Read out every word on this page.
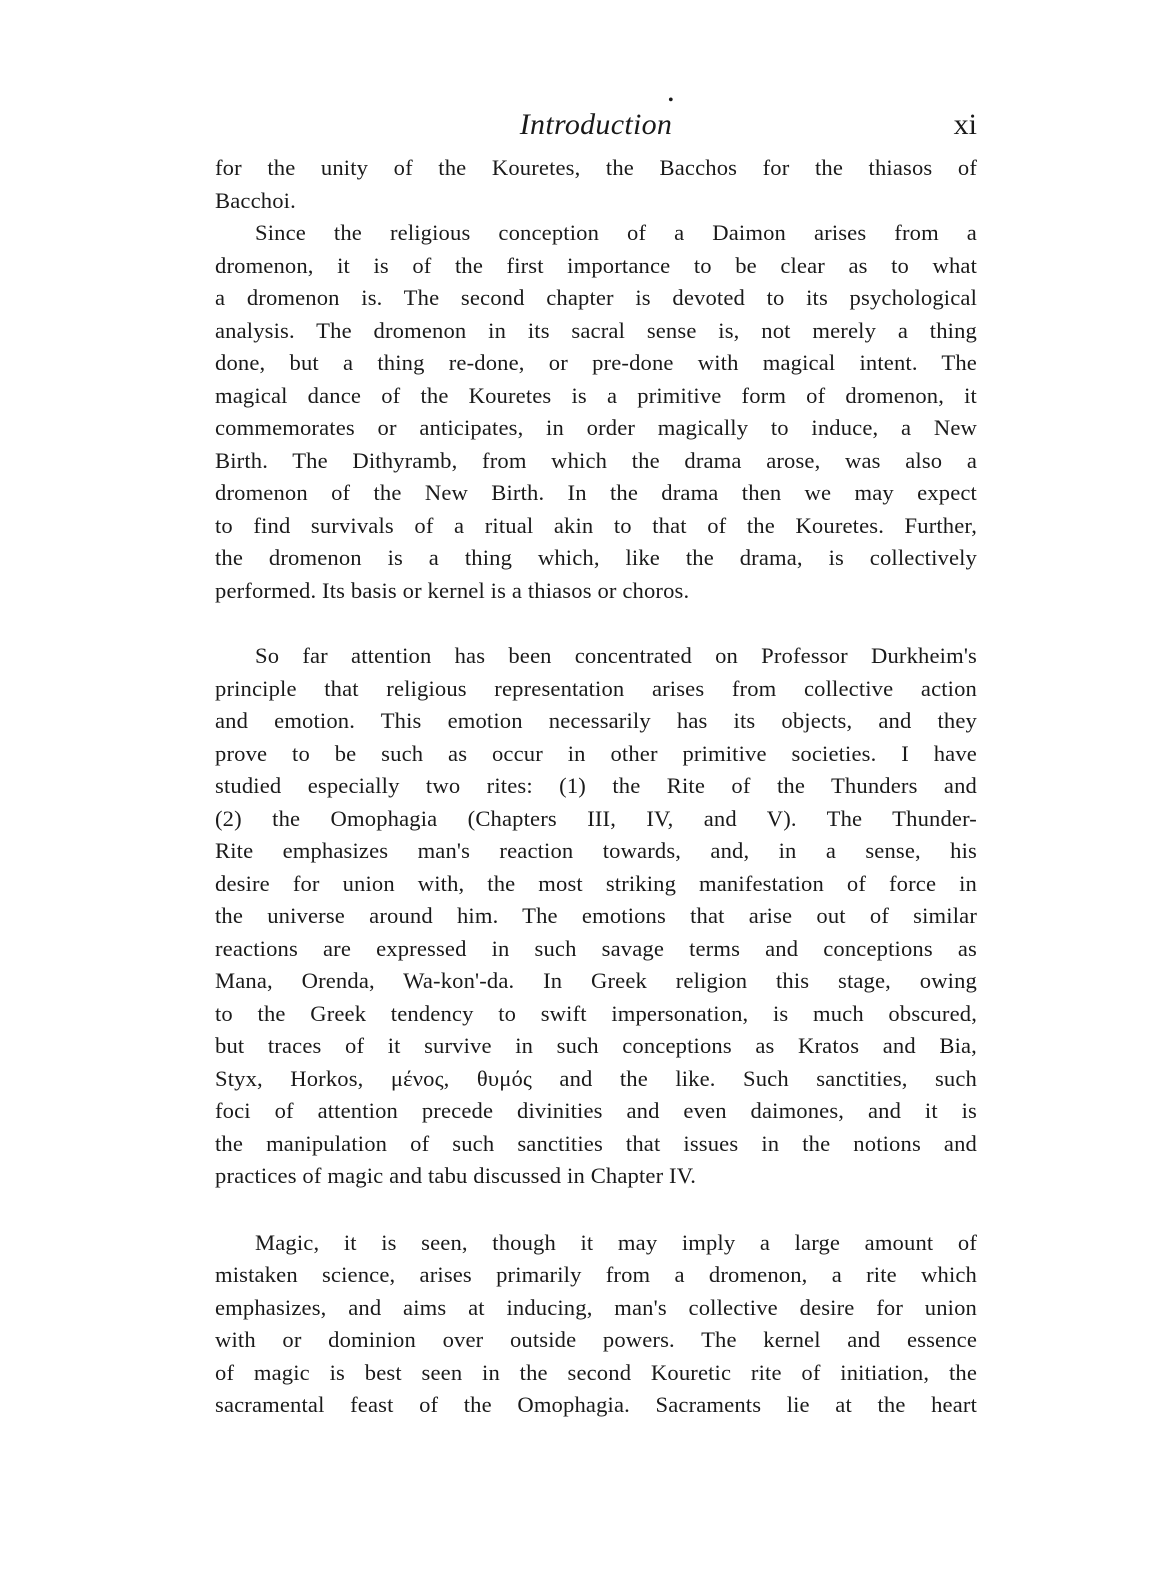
•
Introduction	xi

for the unity of the Kouretes, the Bacchos for the thiasos of
Bacchoi.

Since the religious conception of a Daimon arises from a
dromenon, it is of the first importance to be clear as to what
a dromenon is. The second chapter is devoted to its psychological
analysis. The dromenon in its sacral sense is, not merely a thing
done, but a thing re-done, or pre-done with magical intent. The
magical dance of the Kouretes is a primitive form of dromenon, it
commemorates or anticipates, in order magically to induce, a New
Birth. The Dithyramb, from which the drama arose, was also a
dromenon of the New Birth. In the drama then we may expect
to find survivals of a ritual akin to that of the Kouretes. Further,
the dromenon is a thing which, like the drama, is collectively
performed. Its basis or kernel is a thiasos or choros.

So far attention has been concentrated on Professor Durkheim's
principle that religious representation arises from collective action
and emotion. This emotion necessarily has its objects, and they
prove to be such as occur in other primitive societies. I have
studied especially two rites: (1) the Rite of the Thunders and
(2) the Omophagia (Chapters III, IV, and V). The Thunder-
Rite emphasizes man's reaction towards, and, in a sense, his
desire for union with, the most striking manifestation of force in
the universe around him. The emotions that arise out of similar
reactions are expressed in such savage terms and conceptions as
Mana, Orenda, Wa-kon'-da. In Greek religion this stage, owing
to the Greek tendency to swift impersonation, is much obscured,
but traces of it survive in such conceptions as Kratos and Bia,
Styx, Horkos, μένος, θυμός and the like. Such sanctities, such
foci of attention precede divinities and even daimones, and it is
the manipulation of such sanctities that issues in the notions and
practices of magic and tabu discussed in Chapter IV.

Magic, it is seen, though it may imply a large amount of
mistaken science, arises primarily from a dromenon, a rite which
emphasizes, and aims at inducing, man's collective desire for union
with or dominion over outside powers. The kernel and essence
of magic is best seen in the second Kouretic rite of initiation, the
sacramental feast of the Omophagia. Sacraments lie at the heart
